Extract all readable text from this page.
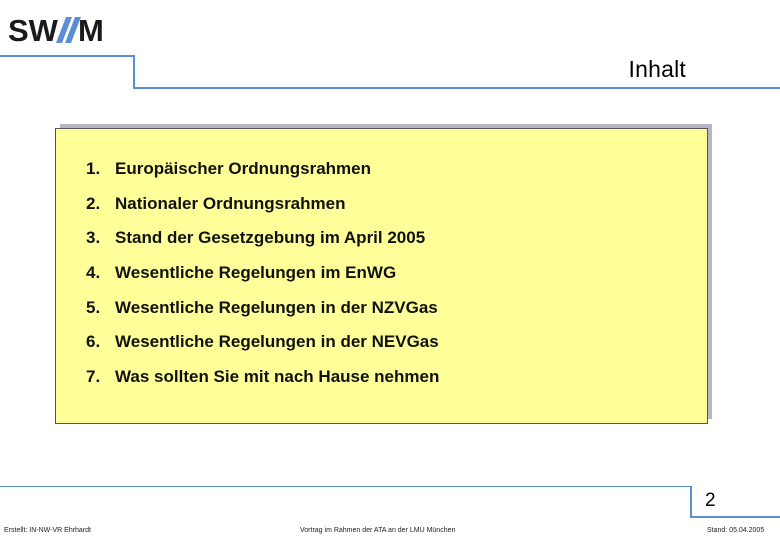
SW M
Inhalt
1. Europäischer Ordnungsrahmen
2. Nationaler Ordnungsrahmen
3. Stand der Gesetzgebung im April 2005
4. Wesentliche Regelungen im EnWG
5. Wesentliche Regelungen in der NZVGas
6. Wesentliche Regelungen in der NEVGas
7. Was sollten Sie mit nach Hause nehmen
2
Erstellt: IN-NW-VR Ehrhardt	Vortrag im Rahmen der ATA an der LMU München	Stand: 05.04.2005
